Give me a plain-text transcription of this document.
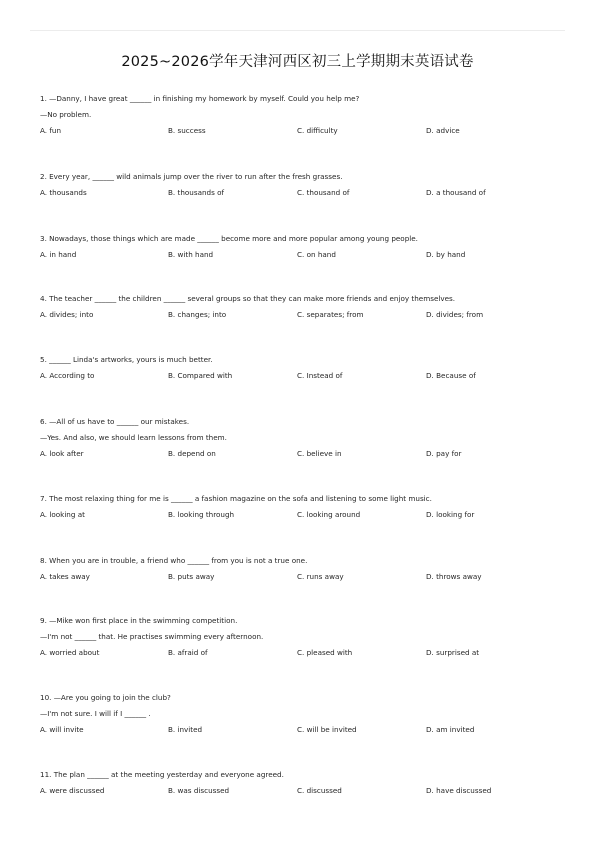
2025~2026学年天津河西区初三上学期期末英语试卷
1. —Danny, I have great ______ in finishing my homework by myself. Could you help me?
—No problem.
A. fun	B. success	C. difficulty	D. advice
2. Every year, ______ wild animals jump over the river to run after the fresh grasses.
A. thousands	B. thousands of	C. thousand of	D. a thousand of
3. Nowadays, those things which are made ______ become more and more popular among young people.
A. in hand	B. with hand	C. on hand	D. by hand
4. The teacher ______ the children ______ several groups so that they can make more friends and enjoy themselves.
A. divides; into	B. changes; into	C. separates; from	D. divides; from
5. ______ Linda's artworks, yours is much better.
A. According to	B. Compared with	C. Instead of	D. Because of
6. —All of us have to ______ our mistakes.
—Yes. And also, we should learn lessons from them.
A. look after	B. depend on	C. believe in	D. pay for
7. The most relaxing thing for me is ______ a fashion magazine on the sofa and listening to some light music.
A. looking at	B. looking through	C. looking around	D. looking for
8. When you are in trouble, a friend who ______ from you is not a true one.
A. takes away	B. puts away	C. runs away	D. throws away
9. —Mike won first place in the swimming competition.
—I'm not ______ that. He practises swimming every afternoon.
A. worried about	B. afraid of	C. pleased with	D. surprised at
10. —Are you going to join the club?
—I'm not sure. I will if I ______ .
A. will invite	B. invited	C. will be invited	D. am invited
11. The plan ______ at the meeting yesterday and everyone agreed.
A. were discussed	B. was discussed	C. discussed	D. have discussed
